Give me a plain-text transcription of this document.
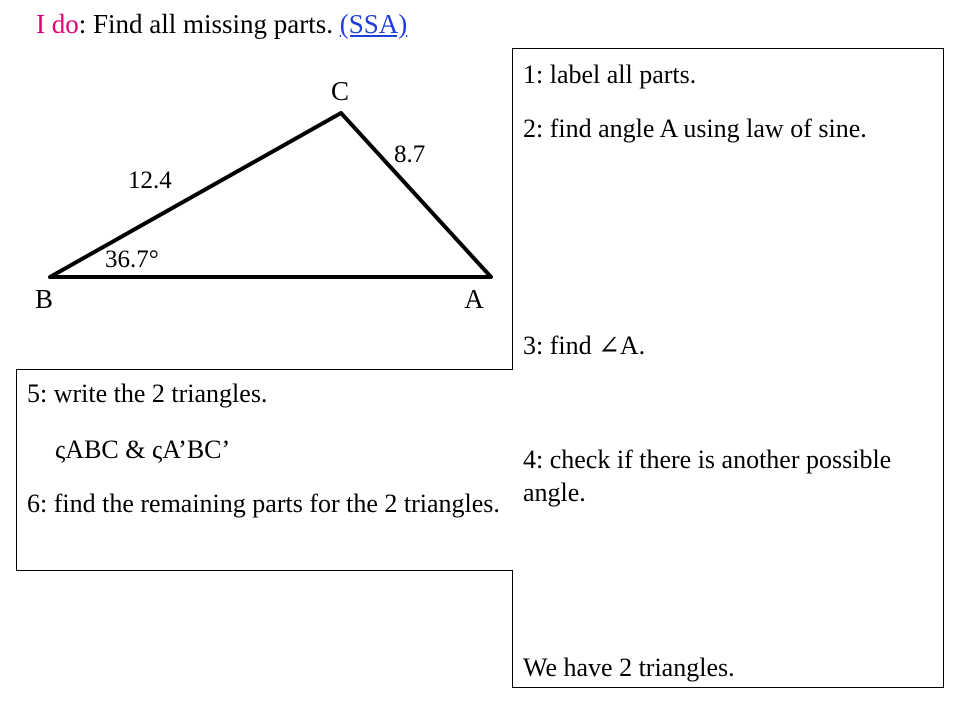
I do: Find all missing parts. (SSA)
C
B	A
12.4
8.7
36.7°

1: label all parts.

2: find angle A using law of sine.

3: find ∠A.

4: check if there is another possible angle.

We have 2 triangles.

5: write the 2 triangles.

ςABC & ςA’BC’

6: find the remaining parts for the 2 triangles.
